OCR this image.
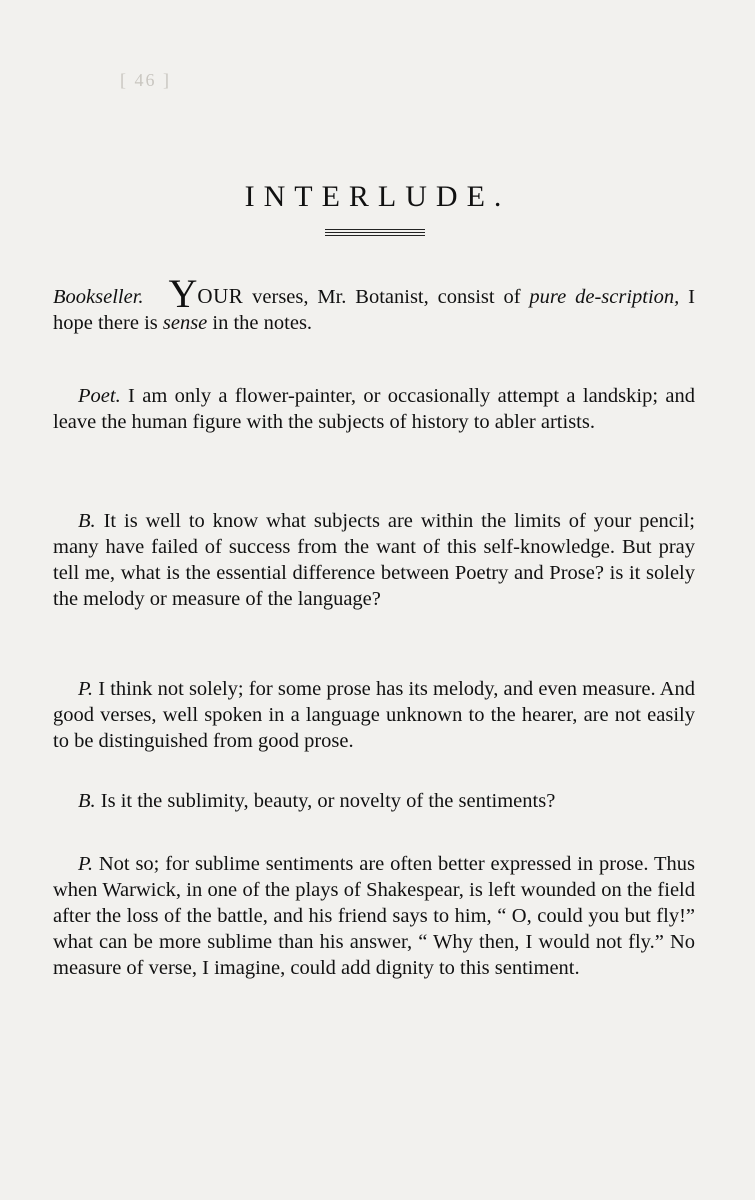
[ 46 ]
INTERLUDE.

Bookseller. YOUR verses, Mr. Botanist, consist of pure de-scription, I hope there is sense in the notes.

Poet. I am only a flower-painter, or occasionally attempt a landskip; and leave the human figure with the subjects of history to abler artists.

B. It is well to know what subjects are within the limits of your pencil; many have failed of success from the want of this self-knowledge. But pray tell me, what is the essential difference between Poetry and Prose? is it solely the melody or measure of the language?

P. I think not solely; for some prose has its melody, and even measure. And good verses, well spoken in a language unknown to the hearer, are not easily to be distinguished from good prose.

B. Is it the sublimity, beauty, or novelty of the sentiments?

P. Not so; for sublime sentiments are often better expressed in prose. Thus when Warwick, in one of the plays of Shakespear, is left wounded on the field after the loss of the battle, and his friend says to him, “ O, could you but fly!” what can be more sublime than his answer, “ Why then, I would not fly.” No measure of verse, I imagine, could add dignity to this sentiment.
